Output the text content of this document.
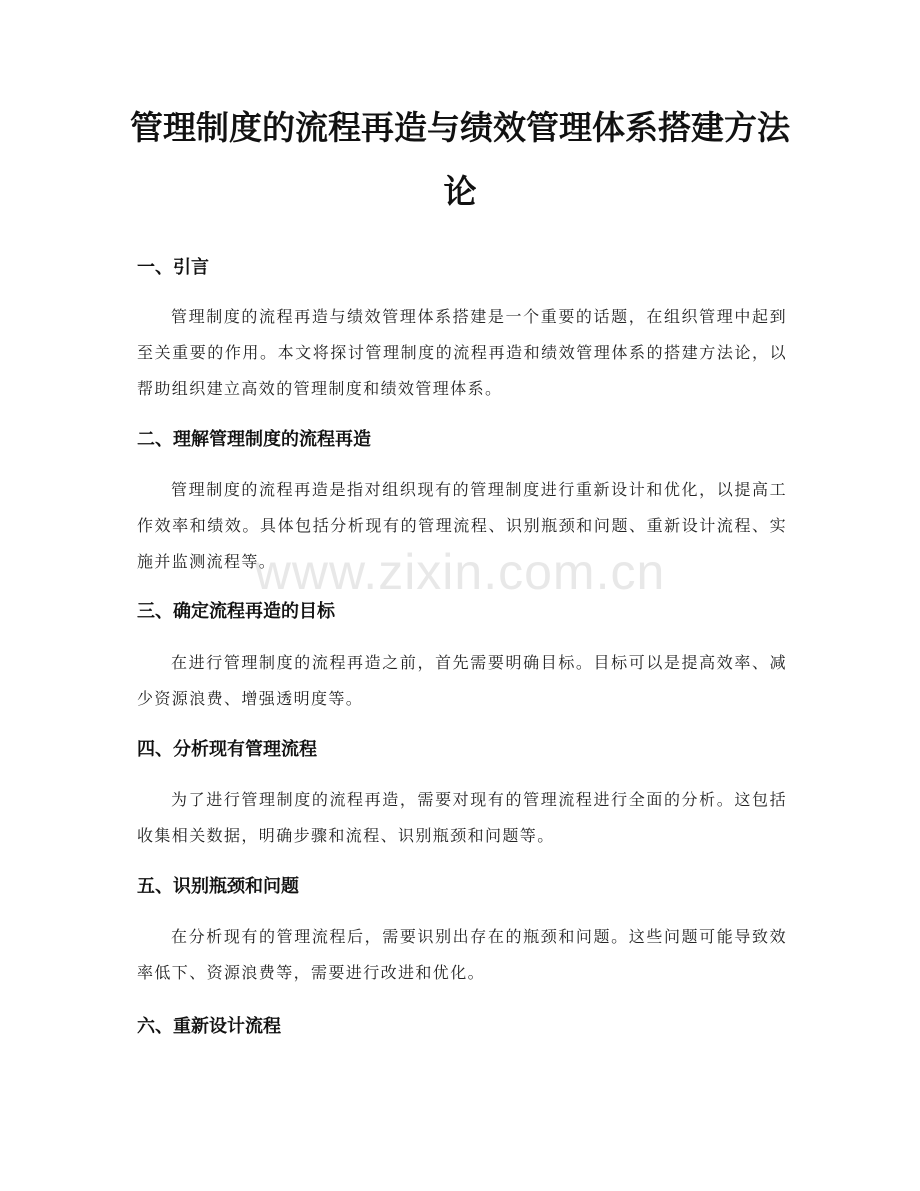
管理制度的流程再造与绩效管理体系搭建方法论
一、引言

管理制度的流程再造与绩效管理体系搭建是一个重要的话题，在组织管理中起到至关重要的作用。本文将探讨管理制度的流程再造和绩效管理体系的搭建方法论，以帮助组织建立高效的管理制度和绩效管理体系。

二、理解管理制度的流程再造

管理制度的流程再造是指对组织现有的管理制度进行重新设计和优化，以提高工作效率和绩效。具体包括分析现有的管理流程、识别瓶颈和问题、重新设计流程、实施并监测流程等。

三、确定流程再造的目标

在进行管理制度的流程再造之前，首先需要明确目标。目标可以是提高效率、减少资源浪费、增强透明度等。

四、分析现有管理流程

为了进行管理制度的流程再造，需要对现有的管理流程进行全面的分析。这包括收集相关数据，明确步骤和流程、识别瓶颈和问题等。

五、识别瓶颈和问题

在分析现有的管理流程后，需要识别出存在的瓶颈和问题。这些问题可能导致效率低下、资源浪费等，需要进行改进和优化。

六、重新设计流程
www.zixin.com.cn
